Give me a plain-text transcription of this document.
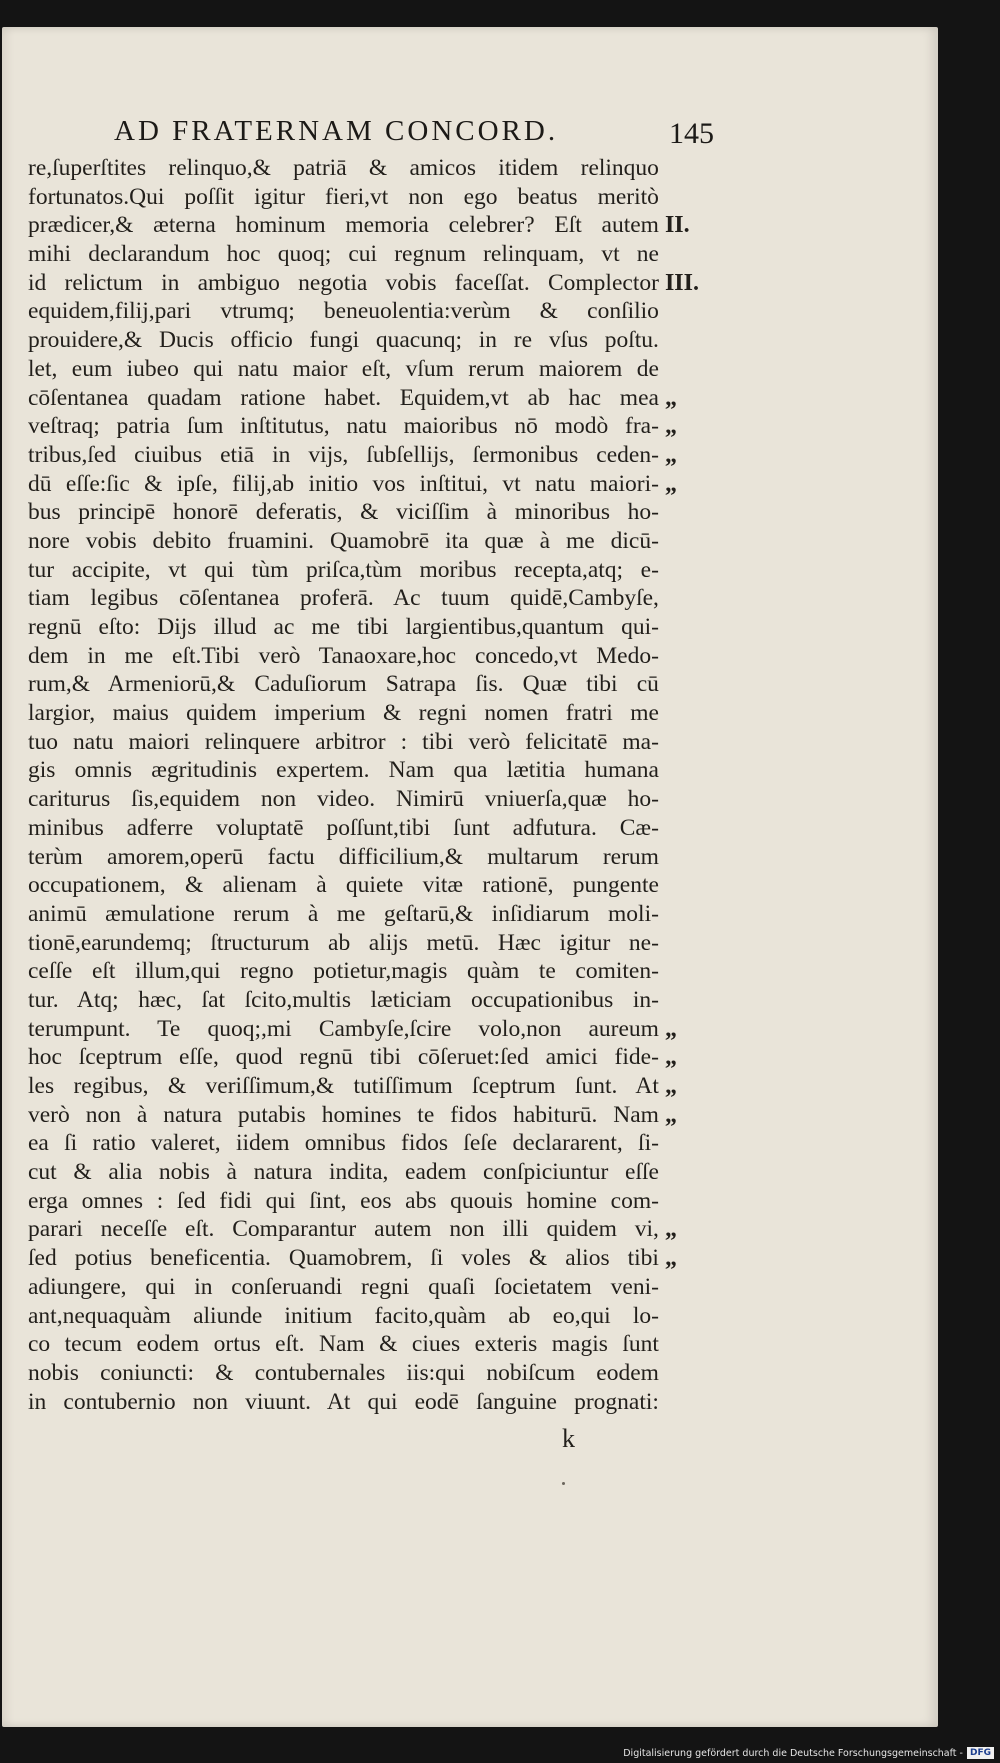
AD FRATERNAM CONCORD.	145
re,ſuperſtites relinquo,& patriā & amicos itidem relinquo
fortunatos.Qui poſſit igitur fieri,vt non ego beatus meritò
prædicer,& æterna hominum memoria celebrer? Eſt autem II.
mihi declarandum hoc quoq; cui regnum relinquam, vt ne
id relictum in ambiguo negotia vobis faceſſat. Complector III.
equidem,filij,pari vtrumq; beneuolentia:verùm & conſilio
prouidere,& Ducis officio fungi quacunq; in re vſus poſtu.
let, eum iubeo qui natu maior eſt, vſum rerum maiorem de
cōſentanea quadam ratione habet. Equidem,vt ab hac mea „
veſtraq; patria ſum inſtitutus, natu maioribus nō modò fra- „
tribus,ſed ciuibus etiā in vijs, ſubſellijs, ſermonibus ceden- „
dū eſſe:ſic & ipſe, filij,ab initio vos inſtitui, vt natu maiori- „
bus principē honorē deferatis, & viciſſim à minoribus ho-
nore vobis debito fruamini. Quamobrē ita quæ à me dicū-
tur accipite, vt qui tùm priſca,tùm moribus recepta,atq; e-
tiam legibus cōſentanea proferā. Ac tuum quidē,Cambyſe,
regnū eſto: Dijs illud ac me tibi largientibus,quantum qui-
dem in me eſt.Tibi verò Tanaoxare,hoc concedo,vt Medo-
rum,& Armeniorū,& Caduſiorum Satrapa ſis. Quæ tibi cū
largior, maius quidem imperium & regni nomen fratri me
tuo natu maiori relinquere arbitror : tibi verò felicitatē ma-
gis omnis ægritudinis expertem. Nam qua lætitia humana
cariturus ſis,equidem non video. Nimirū vniuerſa,quæ ho-
minibus adferre voluptatē poſſunt,tibi ſunt adfutura. Cæ-
terùm amorem,operū factu difficilium,& multarum rerum
occupationem, & alienam à quiete vitæ rationē, pungente
animū æmulatione rerum à me geſtarū,& inſidiarum moli-
tionē,earundemq; ſtructurum ab alijs metū. Hæc igitur ne-
ceſſe eſt illum,qui regno potietur,magis quàm te comiten-
tur. Atq; hæc, ſat ſcito,multis læticiam occupationibus in-
terumpunt. Te quoq;,mi Cambyſe,ſcire volo,non aureum „
hoc ſceptrum eſſe, quod regnū tibi cōſeruet:ſed amici fide- „
les regibus, & veriſſimum,& tutiſſimum ſceptrum ſunt. At „
verò non à natura putabis homines te fidos habiturū. Nam „
ea ſi ratio valeret, iidem omnibus fidos ſeſe declararent, ſi-
cut & alia nobis à natura indita, eadem conſpiciuntur eſſe
erga omnes : ſed fidi qui ſint, eos abs quouis homine com-
parari neceſſe eſt. Comparantur autem non illi quidem vi, „
ſed potius beneficentia. Quamobrem, ſi voles & alios tibi „
adiungere, qui in conſeruandi regni quaſi ſocietatem veni-
ant,nequaquàm aliunde initium facito,quàm ab eo,qui lo-
co tecum eodem ortus eſt. Nam & ciues exteris magis ſunt
nobis coniuncti: & contubernales iis:qui nobiſcum eodem
in contubernio non viuunt. At qui eodē ſanguine prognati:
k
Digitalisierung gefördert durch die Deutsche Forschungsgemeinschaft - DFG
